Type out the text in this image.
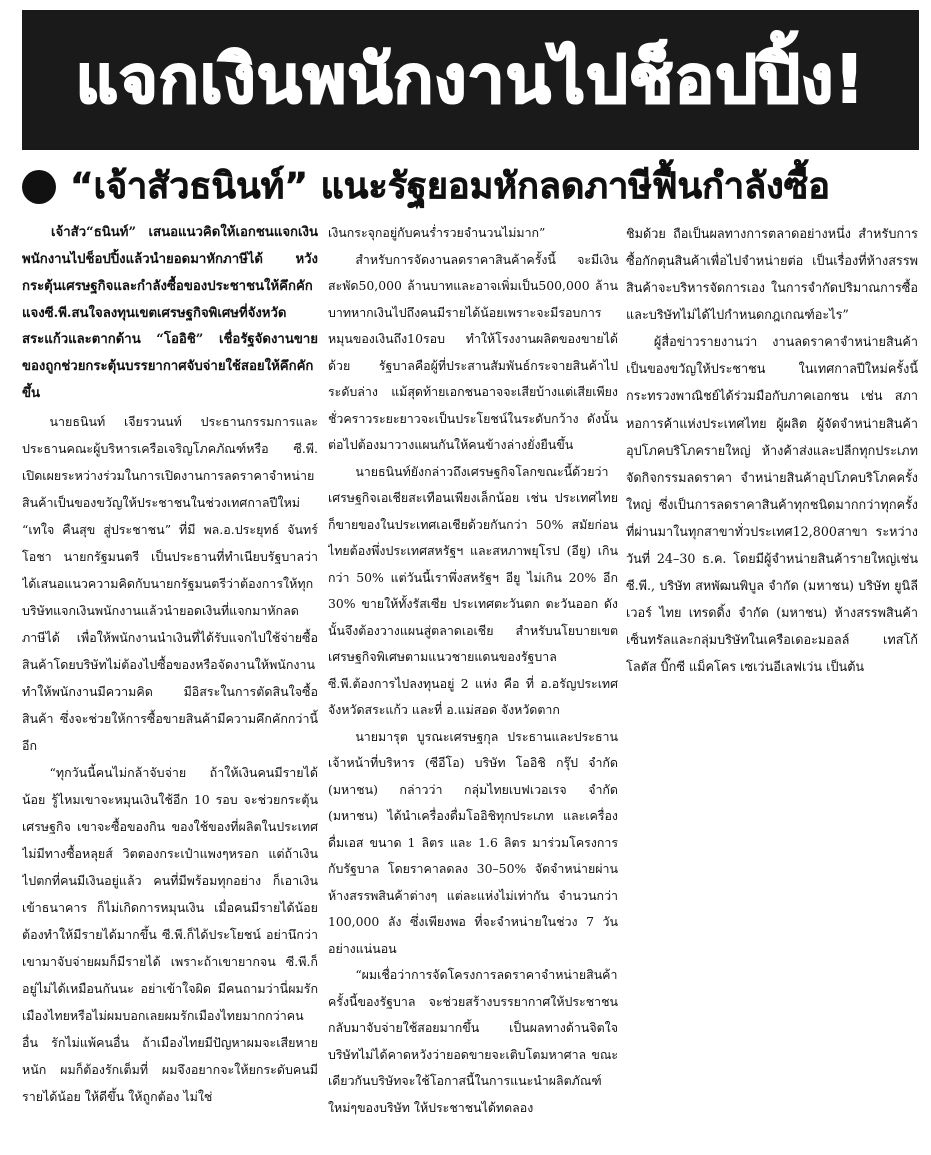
แจกเงินพนักงานไปช็อปปิ้ง!
“เจ้าสัวธนินท์” แนะรัฐยอมหักลดภาษีฟื้นกำลังซื้อ

เจ้าสัว“ธนินท์” เสนอแนวคิดให้เอกชนแจกเงินพนักงานไปช็อปปิ้งแล้วนำยอดมาหักภาษีได้ หวังกระตุ้นเศรษฐกิจและกำลังซื้อของประชาชนให้คึกคัก แจงซี.พี.สนใจลงทุนเขตเศรษฐกิจพิเศษที่จังหวัดสระแก้วและตากด้าน “โออิชิ” เชื่อรัฐจัดงานขายของถูกช่วยกระตุ้นบรรยากาศจับจ่ายใช้สอยให้คึกคักขึ้น

นายธนินท์ เจียรวนนท์ ประธานกรรมการและประธานคณะผู้บริหารเครือเจริญโภคภัณฑ์หรือ ซี.พี. เปิดเผยระหว่างร่วมในการเปิดงานการลดราคาจำหน่ายสินค้าเป็นของขวัญให้ประชาชนในช่วงเทศกาลปีใหม่ “เทใจ คืนสุข สู่ประชาชน” ที่มี พล.อ.ประยุทธ์ จันทร์โอชา นายกรัฐมนตรี เป็นประธานที่ทำเนียบรัฐบาลว่า ได้เสนอแนวความคิดกับนายกรัฐมนตรีว่าต้องการให้ทุกบริษัทแจกเงินพนักงานแล้วนำยอดเงินที่แจกมาหักลดภาษีได้ เพื่อให้พนักงานนำเงินที่ได้รับแจกไปใช้จ่ายซื้อสินค้าโดยบริษัทไม่ต้องไปซื้อของหรือจัดงานให้พนักงานทำให้พนักงานมีความคิด มีอิสระในการตัดสินใจซื้อสินค้า ซึ่งจะช่วยให้การซื้อขายสินค้ามีความคึกคักกว่านี้อีก

“ทุกวันนี้คนไม่กล้าจับจ่าย ถ้าให้เงินคนมีรายได้น้อย รู้ไหมเขาจะหมุนเงินใช้อีก 10 รอบ จะช่วยกระตุ้นเศรษฐกิจ เขาจะซื้อของกิน ของใช้ของที่ผลิตในประเทศ ไม่มีทางซื้อหลุยส์ วิตตองกระเป๋าแพงๆหรอก แต่ถ้าเงินไปตกที่คนมีเงินอยู่แล้ว คนที่มีพร้อมทุกอย่าง ก็เอาเงินเข้าธนาคาร ก็ไม่เกิดการหมุนเงิน เมื่อคนมีรายได้น้อย ต้องทำให้มีรายได้มากขึ้น ซี.พี.ก็ได้ประโยชน์ อย่านึกว่าเขามาจับจ่ายผมก็มีรายได้ เพราะถ้าเขายากจน ซี.พี.ก็อยู่ไม่ได้เหมือนกันนะ อย่าเข้าใจผิด มีคนถามว่านี่ผมรักเมืองไทยหรือไม่ผมบอกเลยผมรักเมืองไทยมากกว่าคนอื่น รักไม่แพ้คนอื่น ถ้าเมืองไทยมีปัญหาผมจะเสียหายหนัก ผมก็ต้องรักเต็มที่ ผมจึงอยากจะให้ยกระดับคนมีรายได้น้อย ให้ดีขึ้น ให้ถูกต้อง ไม่ใช่

เงินกระจุกอยู่กับคนร่ำรวยจำนวนไม่มาก”

สำหรับการจัดงานลดราคาสินค้าครั้งนี้ จะมีเงินสะพัด50,000 ล้านบาทและอาจเพิ่มเป็น500,000 ล้านบาทหากเงินไปถึงคนมีรายได้น้อยเพราะจะมีรอบการหมุนของเงินถึง10รอบ ทำให้โรงงานผลิตของขายได้ด้วย รัฐบาลคือผู้ที่ประสานสัมพันธ์กระจายสินค้าไประดับล่าง แม้สุดท้ายเอกชนอาจจะเสียบ้างแต่เสียเพียงชั่วคราวระยะยาวจะเป็นประโยชน์ในระดับกว้าง ดังนั้น ต่อไปต้องมาวางแผนกันให้คนข้างล่างยั่งยืนขึ้น

นายธนินท์ยังกล่าวถึงเศรษฐกิจโลกขณะนี้ด้วยว่า เศรษฐกิจเอเชียสะเทือนเพียงเล็กน้อย เช่น ประเทศไทยก็ขายของในประเทศเอเชียด้วยกันกว่า 50% สมัยก่อนไทยต้องพึ่งประเทศสหรัฐฯ และสหภาพยุโรป (อียู) เกินกว่า 50% แต่วันนี้เราพึ่งสหรัฐฯ อียู ไม่เกิน 20% อีก 30% ขายให้ทั้งรัสเซีย ประเทศตะวันตก ตะวันออก ดังนั้นจึงต้องวางแผนสู่ตลาดเอเชีย สำหรับนโยบายเขตเศรษฐกิจพิเศษตามแนวชายแดนของรัฐบาล ซี.พี.ต้องการไปลงทุนอยู่ 2 แห่ง คือ ที่ อ.อรัญประเทศ จังหวัดสระแก้ว และที่ อ.แม่สอด จังหวัดตาก

นายมารุต บูรณะเศรษฐกุล ประธานและประธานเจ้าหน้าที่บริหาร (ซีอีโอ) บริษัท โออิชิ กรุ๊ป จำกัด (มหาชน) กล่าวว่า กลุ่มไทยเบฟเวอเรจ จำกัด (มหาชน) ได้นำเครื่องดื่มโออิชิทุกประเภท และเครื่องดื่มเอส ขนาด 1 ลิตร และ 1.6 ลิตร มาร่วมโครงการกับรัฐบาล โดยราคาลดลง 30–50% จัดจำหน่ายผ่านห้างสรรพสินค้าต่างๆ แต่ละแห่งไม่เท่ากัน จำนวนกว่า 100,000 ลัง ซึ่งเพียงพอ ที่จะจำหน่ายในช่วง 7 วันอย่างแน่นอน

“ผมเชื่อว่าการจัดโครงการลดราคาจำหน่ายสินค้าครั้งนี้ของรัฐบาล จะช่วยสร้างบรรยากาศให้ประชาชนกลับมาจับจ่ายใช้สอยมากขึ้น เป็นผลทางด้านจิตใจ บริษัทไม่ได้คาดหวังว่ายอดขายจะเติบโตมหาศาล ขณะเดียวกันบริษัทจะใช้โอกาสนี้ในการแนะนำผลิตภัณฑ์ใหม่ๆของบริษัท ให้ประชาชนได้ทดลอง

ชิมด้วย ถือเป็นผลทางการตลาดอย่างหนึ่ง สำหรับการซื้อกักตุนสินค้าเพื่อไปจำหน่ายต่อ เป็นเรื่องที่ห้างสรรพสินค้าจะบริหารจัดการเอง ในการจำกัดปริมาณการซื้อ และบริษัทไม่ได้ไปกำหนดกฎเกณฑ์อะไร”

ผู้สื่อข่าวรายงานว่า งานลดราคาจำหน่ายสินค้าเป็นของขวัญให้ประชาชน ในเทศกาลปีใหม่ครั้งนี้ กระทรวงพาณิชย์ได้ร่วมมือกับภาคเอกชน เช่น สภาหอการค้าแห่งประเทศไทย ผู้ผลิต ผู้จัดจำหน่ายสินค้าอุปโภคบริโภครายใหญ่ ห้างค้าส่งและปลีกทุกประเภท จัดกิจกรรมลดราคา จำหน่ายสินค้าอุปโภคบริโภคครั้งใหญ่ ซึ่งเป็นการลดราคาสินค้าทุกชนิดมากกว่าทุกครั้งที่ผ่านมาในทุกสาขาทั่วประเทศ12,800สาขา ระหว่างวันที่ 24–30 ธ.ค. โดยมีผู้จำหน่ายสินค้ารายใหญ่เช่น ซี.พี., บริษัท สหพัฒนพิบูล จำกัด (มหาชน) บริษัท ยูนิลีเวอร์ ไทย เทรดดิ้ง จำกัด (มหาชน) ห้างสรรพสินค้าเซ็นทรัลและกลุ่มบริษัทในเครือเดอะมอลล์ เทสโก้ โลตัส บิ๊กซี แม็คโคร เซเว่นอีเลฟเว่น เป็นต้น
